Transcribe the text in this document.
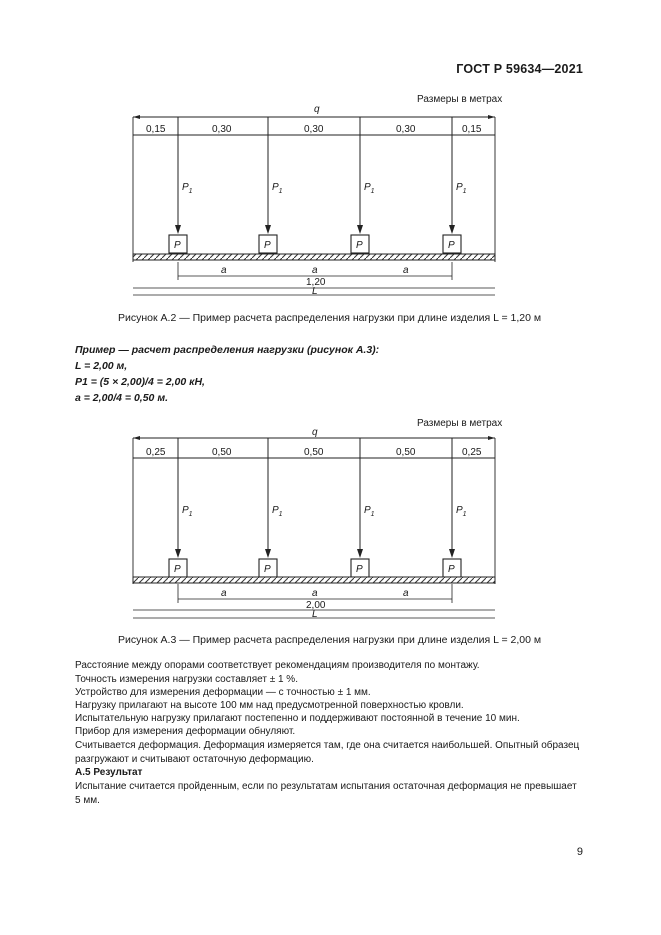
ГОСТ Р 59634—2021
Размеры в метрах
q
0,15	0,30	0,30	0,30	0,15
$P_1$
P
$P_1$
P
$P_1$
P
$P_1$
P
a	a	a
1,20
L
Рисунок А.2 — Пример расчета распределения нагрузки при длине изделия L = 1,20 м
Пример — расчет распределения нагрузки (рисунок А.3):
L = 2,00 м,
P1 = (5 × 2,00)/4 = 2,00 кН,
a = 2,00/4 = 0,50 м.
Размеры в метрах
q
0,25	0,50	0,50	0,50	0,25
$P_1$
P
$P_1$
P
$P_1$
P
$P_1$
P
a	a	a
2,00
L
Рисунок А.3 — Пример расчета распределения нагрузки при длине изделия L = 2,00 м
Расстояние между опорами соответствует рекомендациям производителя по монтажу.
Точность измерения нагрузки составляет ± 1 %.
Устройство для измерения деформации — с точностью ± 1 мм.
Нагрузку прилагают на высоте 100 мм над предусмотренной поверхностью кровли.
Испытательную нагрузку прилагают постепенно и поддерживают постоянной в течение 10 мин.
Прибор для измерения деформации обнуляют.
Считывается деформация. Деформация измеряется там, где она считается наибольшей. Опытный образец разгружают и считывают остаточную деформацию.
А.5 Результат
Испытание считается пройденным, если по результатам испытания остаточная деформация не превышает 5 мм.
9
